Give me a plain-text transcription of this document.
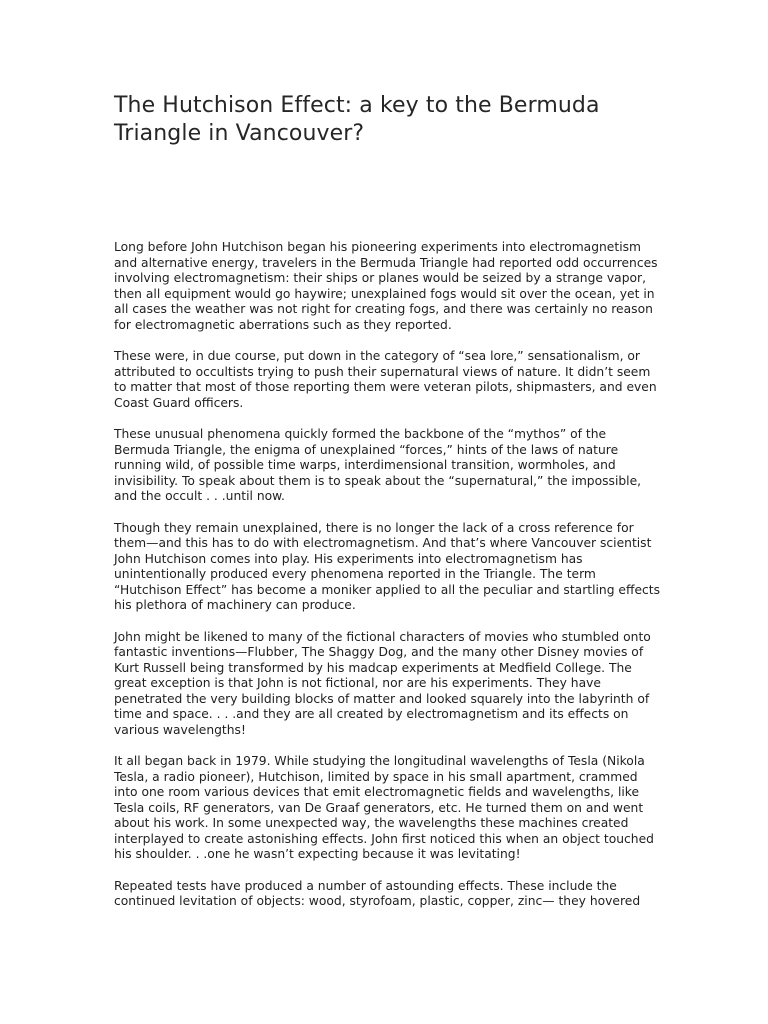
The Hutchison Effect: a key to the Bermuda Triangle in Vancouver?

Long before John Hutchison began his pioneering experiments into electromagnetism and alternative energy, travelers in the Bermuda Triangle had reported odd occurrences involving electromagnetism: their ships or planes would be seized by a strange vapor, then all equipment would go haywire; unexplained fogs would sit over the ocean, yet in all cases the weather was not right for creating fogs, and there was certainly no reason for electromagnetic aberrations such as they reported.

These were, in due course, put down in the category of “sea lore,” sensationalism, or attributed to occultists trying to push their supernatural views of nature. It didn’t seem to matter that most of those reporting them were veteran pilots, shipmasters, and even Coast Guard officers.

These unusual phenomena quickly formed the backbone of the “mythos” of the Bermuda Triangle, the enigma of unexplained “forces,” hints of the laws of nature running wild, of possible time warps, interdimensional transition, wormholes, and invisibility. To speak about them is to speak about the “supernatural,” the impossible, and the occult . . .until now.

Though they remain unexplained, there is no longer the lack of a cross reference for them—and this has to do with electromagnetism. And that’s where Vancouver scientist John Hutchison comes into play. His experiments into electromagnetism has unintentionally produced every phenomena reported in the Triangle. The term “Hutchison Effect” has become a moniker applied to all the peculiar and startling effects his plethora of machinery can produce.

John might be likened to many of the fictional characters of movies who stumbled onto fantastic inventions—Flubber, The Shaggy Dog, and the many other Disney movies of Kurt Russell being transformed by his madcap experiments at Medfield College. The great exception is that John is not fictional, nor are his experiments. They have penetrated the very building blocks of matter and looked squarely into the labyrinth of time and space. . . .and they are all created by electromagnetism and its effects on various wavelengths!

It all began back in 1979. While studying the longitudinal wavelengths of Tesla (Nikola Tesla, a radio pioneer), Hutchison, limited by space in his small apartment, crammed into one room various devices that emit electromagnetic fields and wavelengths, like Tesla coils, RF generators, van De Graaf generators, etc. He turned them on and went about his work. In some unexpected way, the wavelengths these machines created interplayed to create astonishing effects. John first noticed this when an object touched his shoulder. . .one he wasn’t expecting because it was levitating!

Repeated tests have produced a number of astounding effects. These include the continued levitation of objects: wood, styrofoam, plastic, copper, zinc— they hovered
